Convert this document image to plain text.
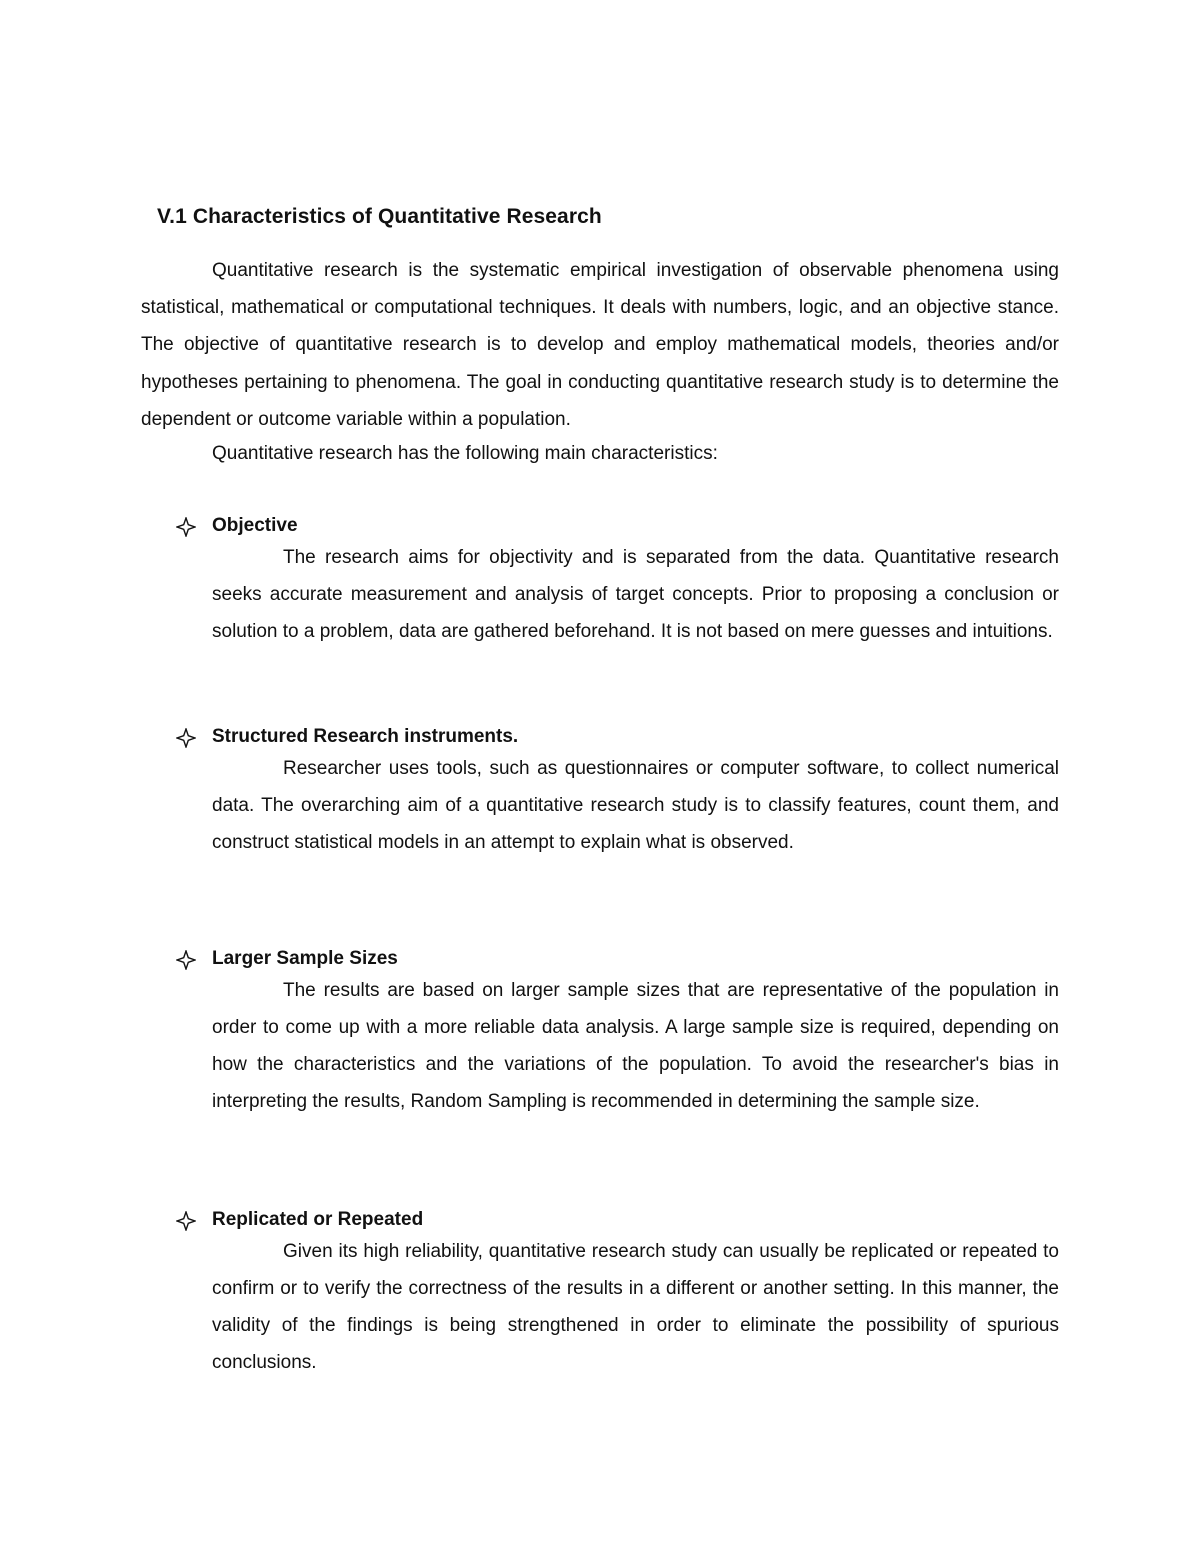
V.1 Characteristics of Quantitative Research

Quantitative research is the systematic empirical investigation of observable phenomena using statistical, mathematical or computational techniques. It deals with numbers, logic, and an objective stance. The objective of quantitative research is to develop and employ mathematical models, theories and/or hypotheses pertaining to phenomena. The goal in conducting quantitative research study is to determine the dependent or outcome variable within a population.

Quantitative research has the following main characteristics:

Objective

The research aims for objectivity and is separated from the data. Quantitative research seeks accurate measurement and analysis of target concepts. Prior to proposing a conclusion or solution to a problem, data are gathered beforehand. It is not based on mere guesses and intuitions.

Structured Research instruments.

Researcher uses tools, such as questionnaires or computer software, to collect numerical data. The overarching aim of a quantitative research study is to classify features, count them, and construct statistical models in an attempt to explain what is observed.

Larger Sample Sizes

The results are based on larger sample sizes that are representative of the population in order to come up with a more reliable data analysis. A large sample size is required, depending on how the characteristics and the variations of the population. To avoid the researcher's bias in interpreting the results, Random Sampling is recommended in determining the sample size.

Replicated or Repeated

Given its high reliability, quantitative research study can usually be replicated or repeated to confirm or to verify the correctness of the results in a different or another setting. In this manner, the validity of the findings is being strengthened in order to eliminate the possibility of spurious conclusions.
